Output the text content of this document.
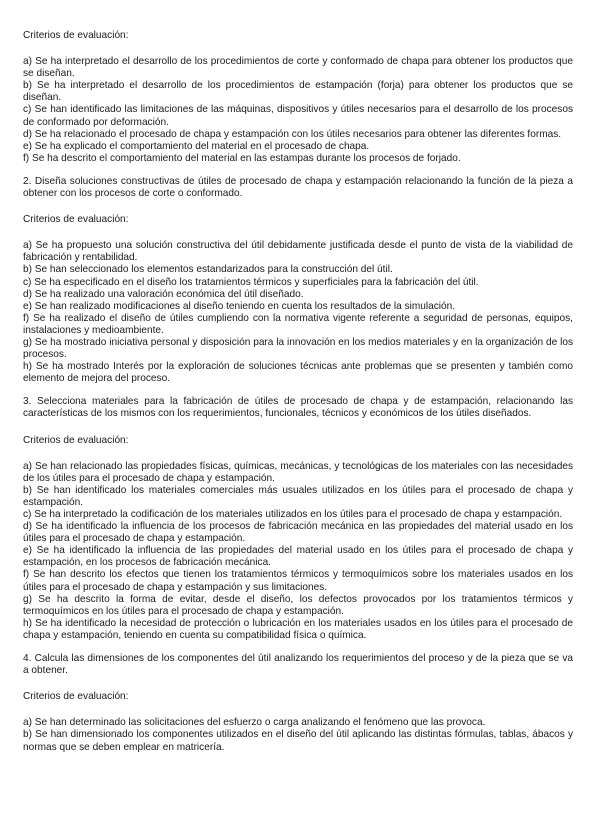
Criterios de evaluación:

a) Se ha interpretado el desarrollo de los procedimientos de corte y conformado de chapa para obtener los productos que se diseñan.

b) Se ha interpretado el desarrollo de los procedimientos de estampación (forja) para obtener los productos que se diseñan.

c) Se han identificado las limitaciones de las máquinas, dispositivos y útiles necesarios para el desarrollo de los procesos de conformado por deformación.

d) Se ha relacionado el procesado de chapa y estampación con los útiles necesarios para obtener las diferentes formas.

e) Se ha explicado el comportamiento del material en el procesado de chapa.

f) Se ha descrito el comportamiento del material en las estampas durante los procesos de forjado.

2. Diseña soluciones constructivas de útiles de procesado de chapa y estampación relacionando la función de la pieza a obtener con los procesos de corte o conformado.

Criterios de evaluación:

a) Se ha propuesto una solución constructiva del útil debidamente justificada desde el punto de vista de la viabilidad de fabricación y rentabilidad.

b) Se han seleccionado los elementos estandarizados para la construcción del útil.

c) Se ha especificado en el diseño los tratamientos térmicos y superficiales para la fabricación del útil.

d) Se ha realizado una valoración económica del útil diseñado.

e) Se han realizado modificaciones al diseño teniendo en cuenta los resultados de la simulación.

f) Se ha realizado el diseño de útiles cumpliendo con la normativa vigente referente a seguridad de personas, equipos, instalaciones y medioambiente.

g) Se ha mostrado iniciativa personal y disposición para la innovación en los medios materiales y en la organización de los procesos.

h) Se ha mostrado Interés por la exploración de soluciones técnicas ante problemas que se presenten y también como elemento de mejora del proceso.

3. Selecciona materiales para la fabricación de útiles de procesado de chapa y de estampación, relacionando las características de los mismos con los requerimientos, funcionales, técnicos y económicos de los útiles diseñados.

Criterios de evaluación:

a) Se han relacionado las propiedades físicas, químicas, mecánicas, y tecnológicas de los materiales con las necesidades de los útiles para el procesado de chapa y estampación.

b) Se han identificado los materiales comerciales más usuales utilizados en los útiles para el procesado de chapa y estampación.

c) Se ha interpretado la codificación de los materiales utilizados en los útiles para el procesado de chapa y estampación.

d) Se ha identificado la influencia de los procesos de fabricación mecánica en las propiedades del material usado en los útiles para el procesado de chapa y estampación.

e) Se ha identificado la influencia de las propiedades del material usado en los útiles para el procesado de chapa y estampación, en los procesos de fabricación mecánica.

f) Se han descrito los efectos que tienen los tratamientos térmicos y termoquímicos sobre los materiales usados en los útiles para el procesado de chapa y estampación y sus limitaciones.

g) Se ha descrito la forma de evitar, desde el diseño, los defectos provocados por los tratamientos térmicos y termoquímicos en los útiles para el procesado de chapa y estampación.

h) Se ha identificado la necesidad de protección o lubricación en los materiales usados en los útiles para el procesado de chapa y estampación, teniendo en cuenta su compatibilidad física o química.

4. Calcula las dimensiones de los componentes del útil analizando los requerimientos del proceso y de la pieza que se va a obtener.

Criterios de evaluación:

a) Se han determinado las solicitaciones del esfuerzo o carga analizando el fenómeno que las provoca.

b) Se han dimensionado los componentes utilizados en el diseño del útil aplicando las distintas fórmulas, tablas, ábacos y normas que se deben emplear en matricería.
